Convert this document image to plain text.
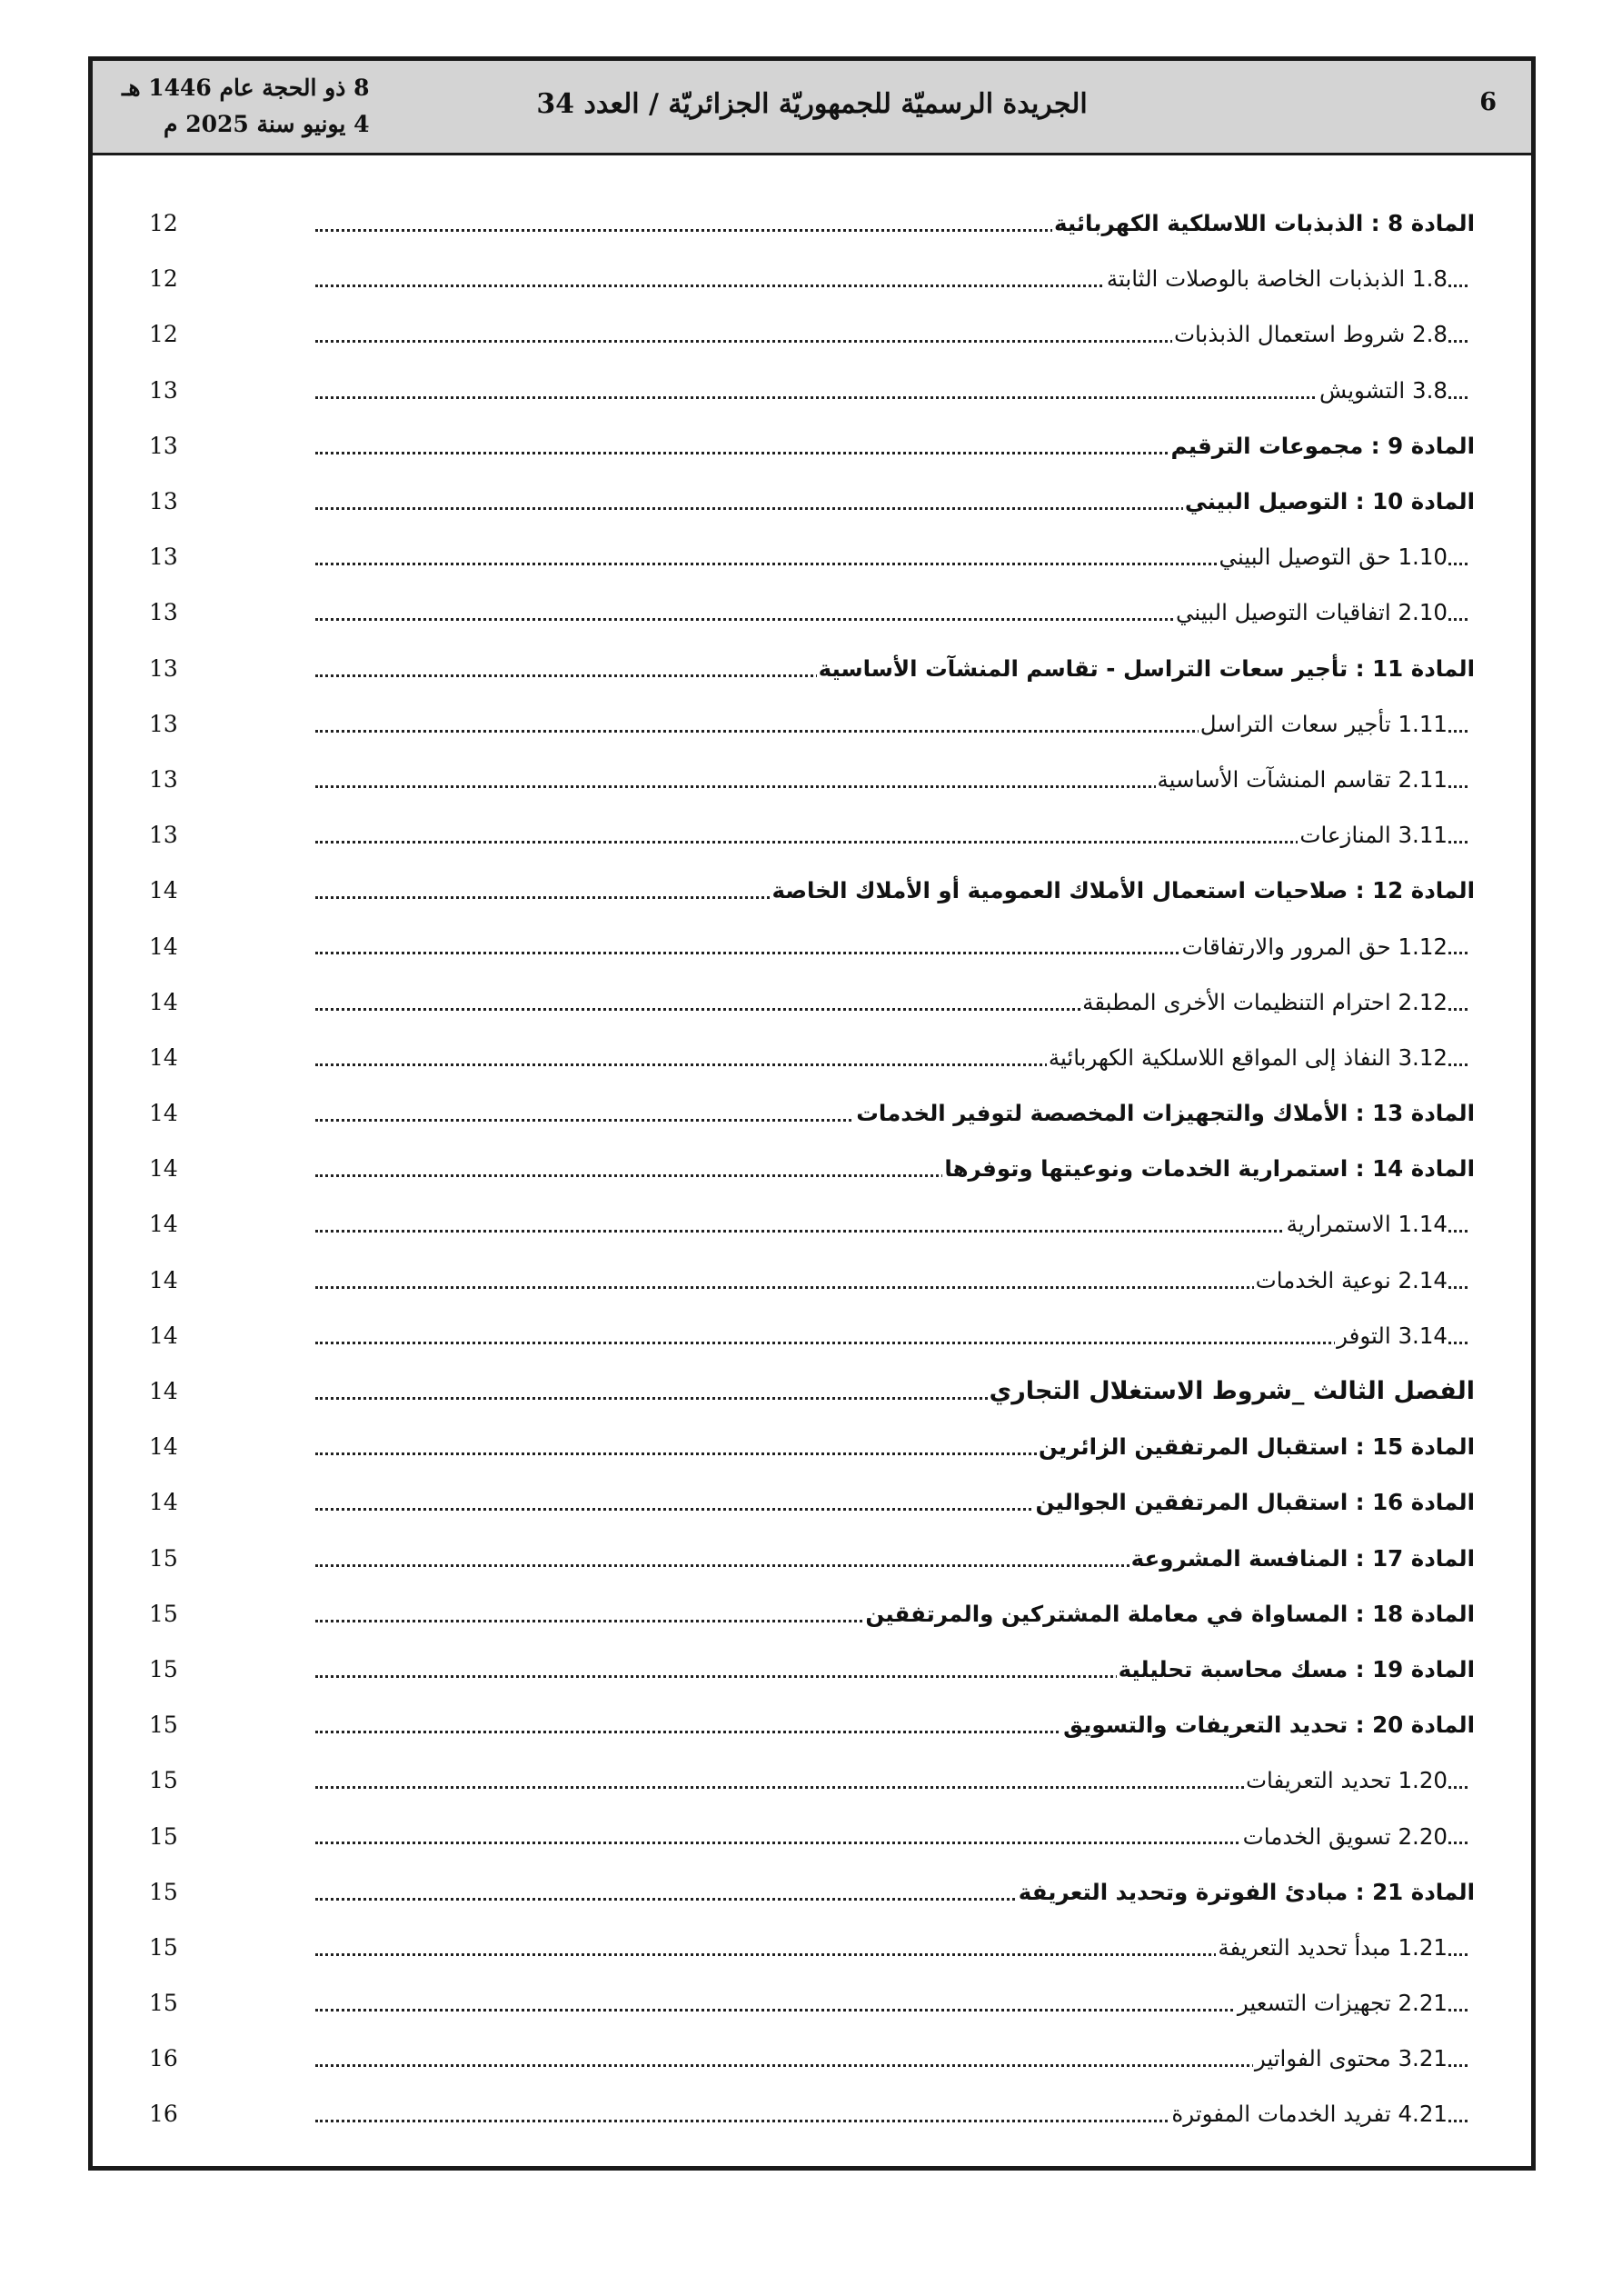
6
الجريدة الرسميّة للجمهوريّة الجزائريّة / العدد 34
8 ذو الحجة عام 1446 هـ
4 يونيو سنة 2025 م
المادة 8 : الذبذبات اللاسلكية الكهربائية
12
1.8 الذبذبات الخاصة بالوصلات الثابتة
12
2.8 شروط استعمال الذبذبات
12
3.8 التشويش
13
المادة 9 : مجموعات الترقيم
13
المادة 10 : التوصيل البيني
13
1.10 حق التوصيل البيني
13
2.10 اتفاقيات التوصيل البيني
13
المادة 11 : تأجير سعات التراسل - تقاسم المنشآت الأساسية
13
1.11 تأجير سعات التراسل
13
2.11 تقاسم المنشآت الأساسية
13
3.11 المنازعات
13
المادة 12 : صلاحيات استعمال الأملاك العمومية أو الأملاك الخاصة
14
1.12 حق المرور والارتفاقات
14
2.12 احترام التنظيمات الأخرى المطبقة
14
3.12 النفاذ إلى المواقع اللاسلكية الكهربائية
14
المادة 13 : الأملاك والتجهيزات المخصصة لتوفير الخدمات
14
المادة 14 : استمرارية الخدمات ونوعيتها وتوفرها
14
1.14 الاستمرارية
14
2.14 نوعية الخدمات
14
3.14 التوفر
14
الفصل الثالث _شروط الاستغلال التجاري
14
المادة 15 : استقبال المرتفقين الزائرين
14
المادة 16 : استقبال المرتفقين الجوالين
14
المادة 17 : المنافسة المشروعة
15
المادة 18 : المساواة في معاملة المشتركين والمرتفقين
15
المادة 19 : مسك محاسبة تحليلية
15
المادة 20 : تحديد التعريفات والتسويق
15
1.20 تحديد التعريفات
15
2.20 تسويق الخدمات
15
المادة 21 : مبادئ الفوترة وتحديد التعريفة
15
1.21 مبدأ تحديد التعريفة
15
2.21 تجهيزات التسعير
15
3.21 محتوى الفواتير
16
4.21 تفريد الخدمات المفوترة
16
